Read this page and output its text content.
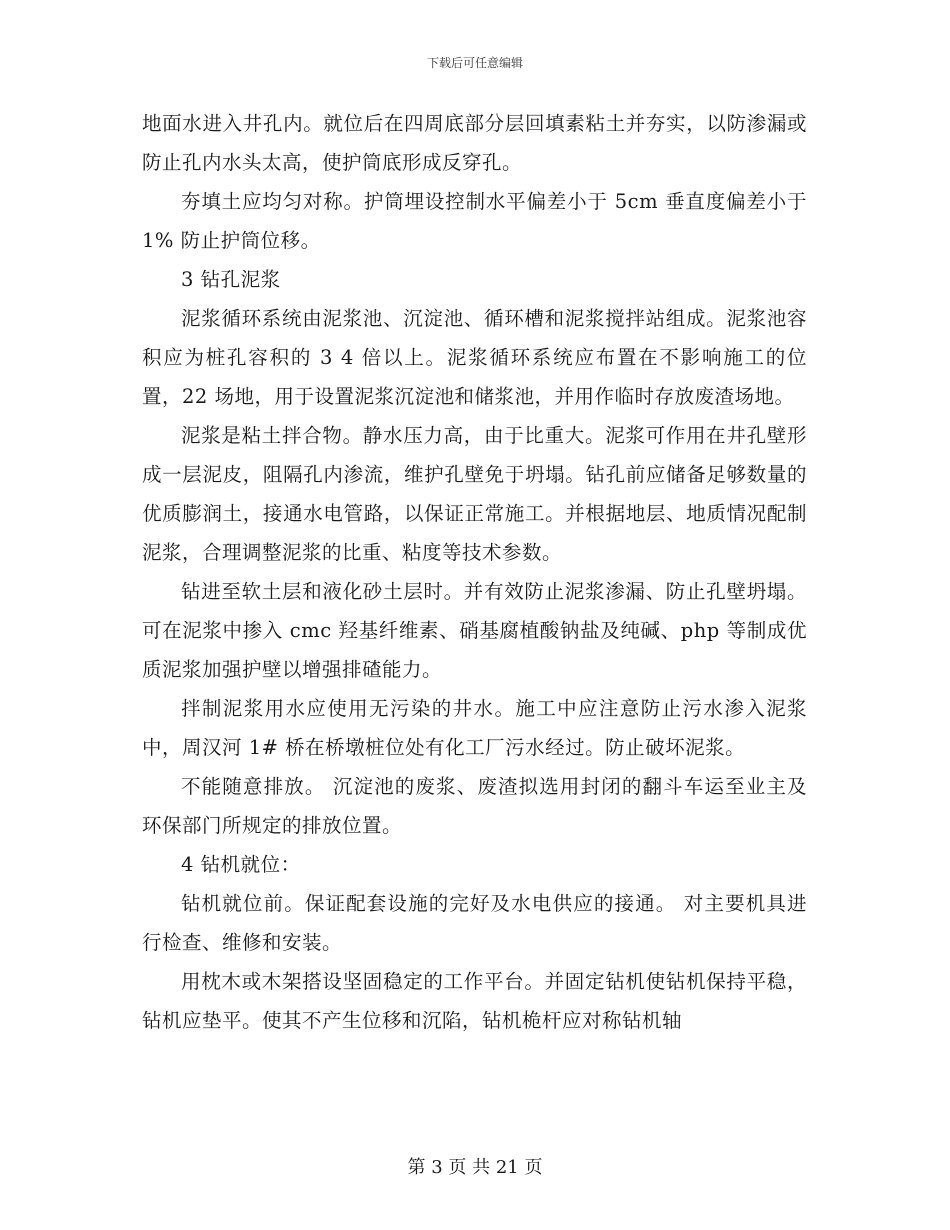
下载后可任意编辑

地面水进入井孔内。就位后在四周底部分层回填素粘土并夯实，以防渗漏或防止孔内水头太高，使护筒底形成反穿孔。

夯填土应均匀对称。护筒埋设控制水平偏差小于 5cm 垂直度偏差小于 1% 防止护筒位移。

3 钻孔泥浆

泥浆循环系统由泥浆池、沉淀池、循环槽和泥浆搅拌站组成。泥浆池容积应为桩孔容积的 3 4 倍以上。泥浆循环系统应布置在不影响施工的位置，22 场地，用于设置泥浆沉淀池和储浆池，并用作临时存放废渣场地。

泥浆是粘土拌合物。静水压力高，由于比重大。泥浆可作用在井孔壁形成一层泥皮，阻隔孔内渗流，维护孔壁免于坍塌。钻孔前应储备足够数量的优质膨润土，接通水电管路，以保证正常施工。并根据地层、地质情况配制泥浆，合理调整泥浆的比重、粘度等技术参数。

钻进至软土层和液化砂土层时。并有效防止泥浆渗漏、防止孔壁坍塌。 可在泥浆中掺入 cmc 羟基纤维素、硝基腐植酸钠盐及纯碱、php 等制成优质泥浆加强护壁以增强排碴能力。

拌制泥浆用水应使用无污染的井水。施工中应注意防止污水渗入泥浆中，周汉河 1# 桥在桥墩桩位处有化工厂污水经过。防止破坏泥浆。

不能随意排放。 沉淀池的废浆、废渣拟选用封闭的翻斗车运至业主及环保部门所规定的排放位置。

4 钻机就位：

钻机就位前。保证配套设施的完好及水电供应的接通。 对主要机具进行检查、维修和安装。

用枕木或木架搭设坚固稳定的工作平台。并固定钻机使钻机保持平稳，钻机应垫平。使其不产生位移和沉陷，钻机桅杆应对称钻机轴

第 3 页 共 21 页
